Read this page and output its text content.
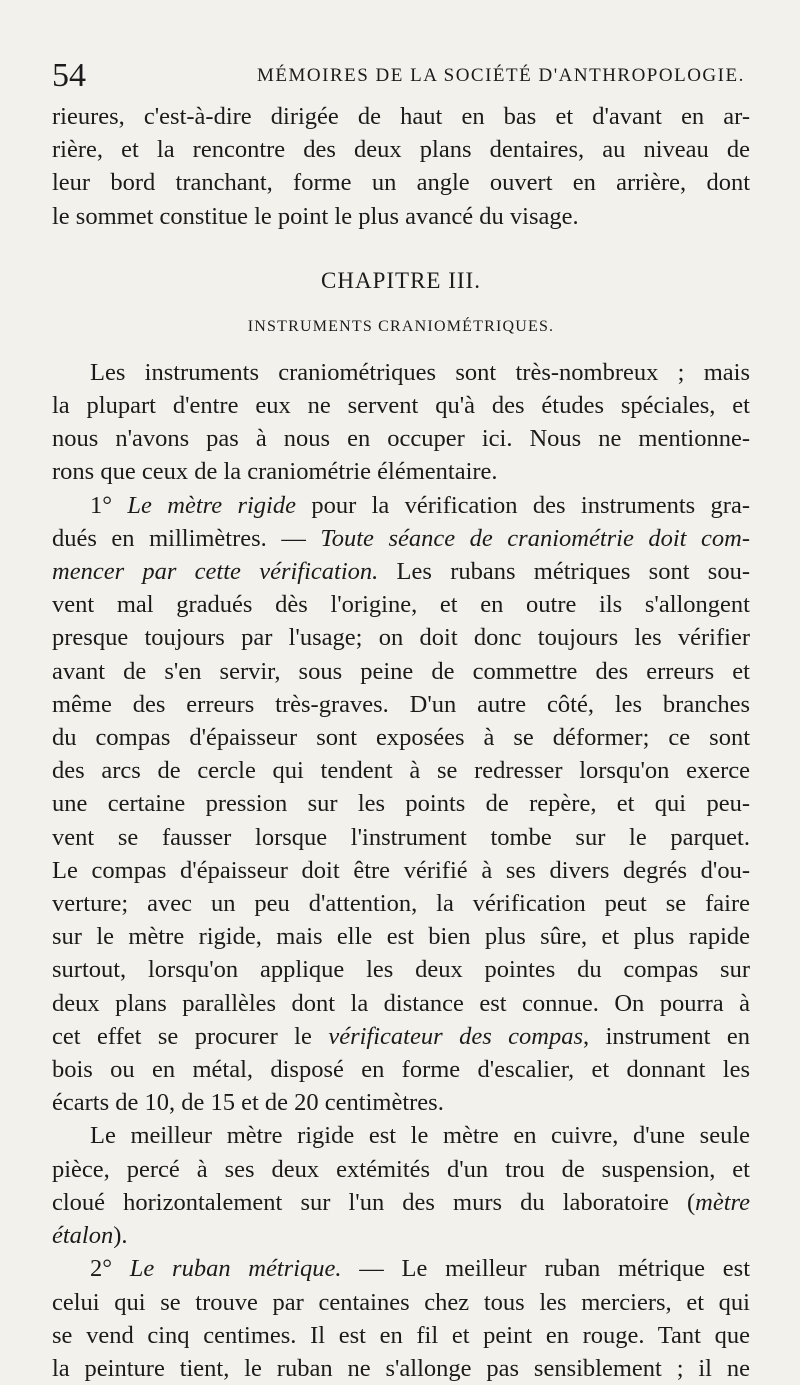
54	MÉMOIRES DE LA SOCIÉTÉ D'ANTHROPOLOGIE.
rieures, c'est-à-dire dirigée de haut en bas et d'avant en ar-
rière, et la rencontre des deux plans dentaires, au niveau de
leur bord tranchant, forme un angle ouvert en arrière, dont
le sommet constitue le point le plus avancé du visage.
CHAPITRE III.
INSTRUMENTS CRANIOMÉTRIQUES.
Les instruments craniométriques sont très-nombreux ; mais
la plupart d'entre eux ne servent qu'à des études spéciales, et
nous n'avons pas à nous en occuper ici. Nous ne mentionne-
rons que ceux de la craniométrie élémentaire.
1° Le mètre rigide pour la vérification des instruments gra-
dués en millimètres. — Toute séance de craniométrie doit com-
mencer par cette vérification. Les rubans métriques sont sou-
vent mal gradués dès l'origine, et en outre ils s'allongent
presque toujours par l'usage; on doit donc toujours les vérifier
avant de s'en servir, sous peine de commettre des erreurs et
même des erreurs très-graves. D'un autre côté, les branches
du compas d'épaisseur sont exposées à se déformer; ce sont
des arcs de cercle qui tendent à se redresser lorsqu'on exerce
une certaine pression sur les points de repère, et qui peu-
vent se fausser lorsque l'instrument tombe sur le parquet.
Le compas d'épaisseur doit être vérifié à ses divers degrés d'ou-
verture; avec un peu d'attention, la vérification peut se faire
sur le mètre rigide, mais elle est bien plus sûre, et plus rapide
surtout, lorsqu'on applique les deux pointes du compas sur
deux plans parallèles dont la distance est connue. On pourra à
cet effet se procurer le vérificateur des compas, instrument en
bois ou en métal, disposé en forme d'escalier, et donnant les
écarts de 10, de 15 et de 20 centimètres.
Le meilleur mètre rigide est le mètre en cuivre, d'une seule
pièce, percé à ses deux extémités d'un trou de suspension, et
cloué horizontalement sur l'un des murs du laboratoire (mètre
étalon).
2° Le ruban métrique. — Le meilleur ruban métrique est
celui qui se trouve par centaines chez tous les merciers, et qui
se vend cinq centimes. Il est en fil et peint en rouge. Tant que
la peinture tient, le ruban ne s'allonge pas sensiblement ; il ne
